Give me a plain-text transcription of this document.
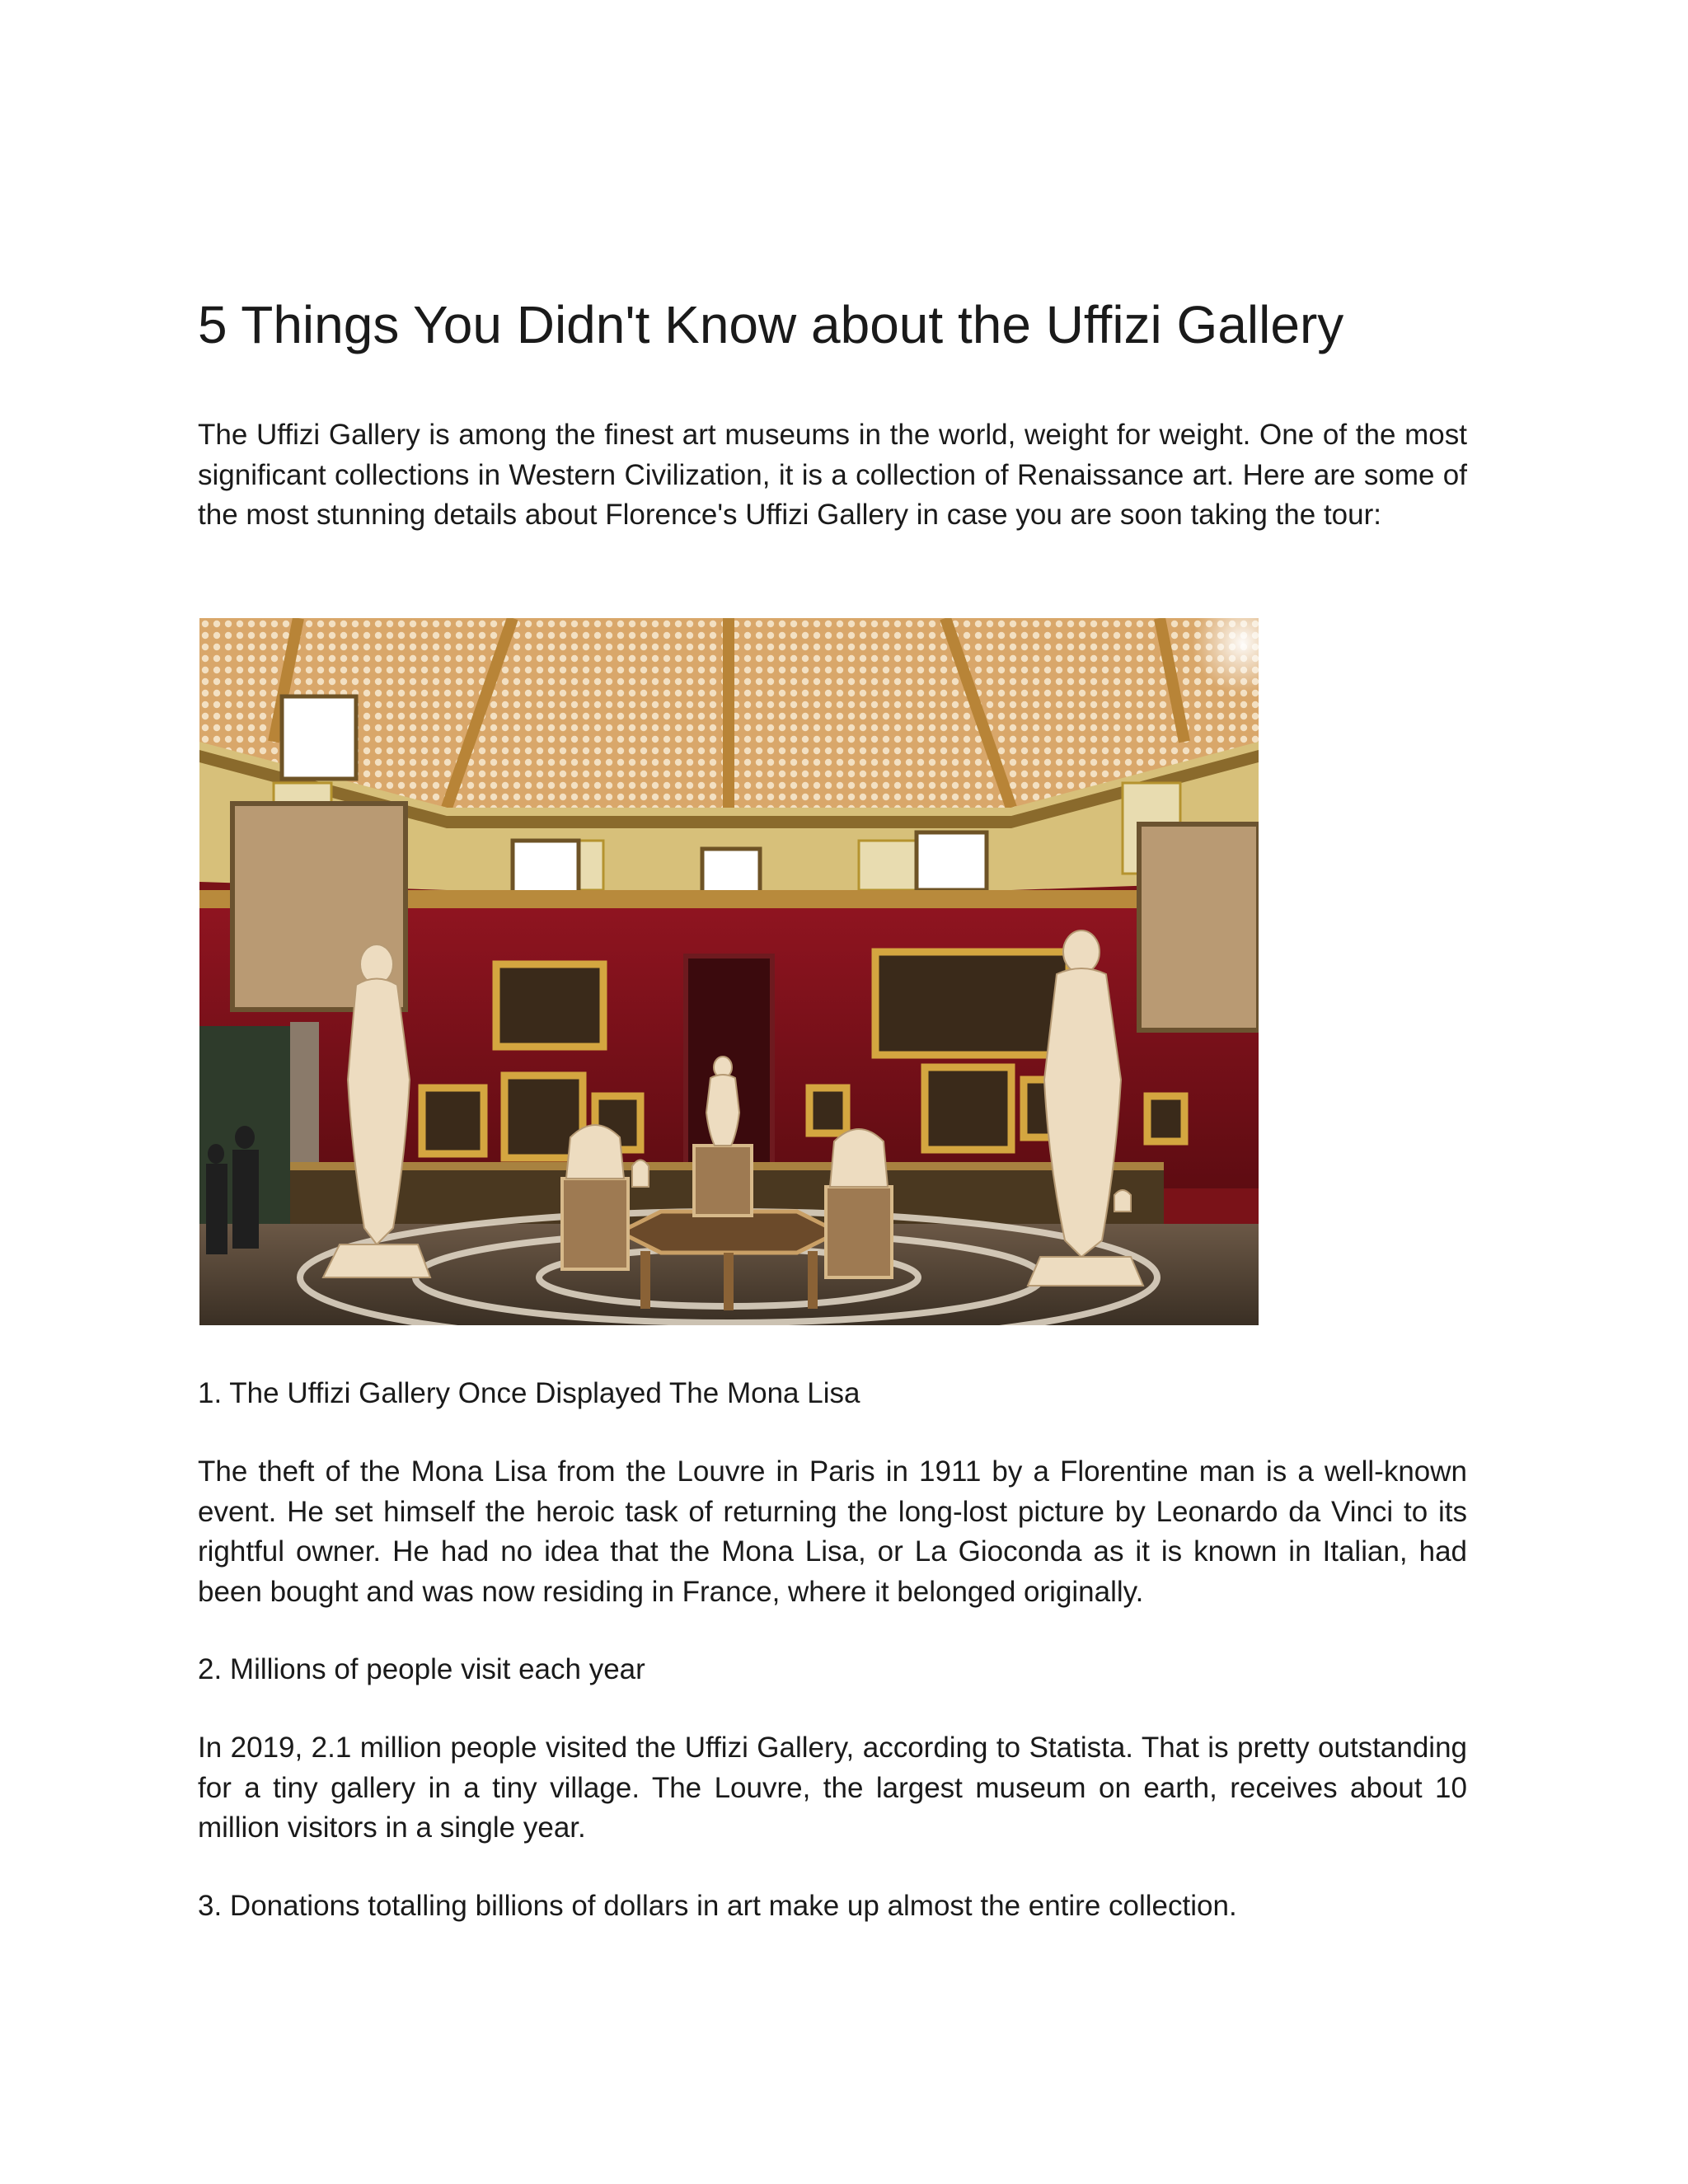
5 Things You Didn't Know about the Uffizi Gallery

The Uffizi Gallery is among the finest art museums in the world, weight for weight. One of the most significant collections in Western Civilization, it is a collection of Renaissance art. Here are some of the most stunning details about Florence's Uffizi Gallery in case you are soon taking the tour:

1. The Uffizi Gallery Once Displayed The Mona Lisa

The theft of the Mona Lisa from the Louvre in Paris in 1911 by a Florentine man is a well-known event. He set himself the heroic task of returning the long-lost picture by Leonardo da Vinci to its rightful owner. He had no idea that the Mona Lisa, or La Gioconda as it is known in Italian, had been bought and was now residing in France, where it belonged originally.

2. Millions of people visit each year

In 2019, 2.1 million people visited the Uffizi Gallery, according to Statista. That is pretty outstanding for a tiny gallery in a tiny village. The Louvre, the largest museum on earth, receives about 10 million visitors in a single year.

3. Donations totalling billions of dollars in art make up almost the entire collection.
